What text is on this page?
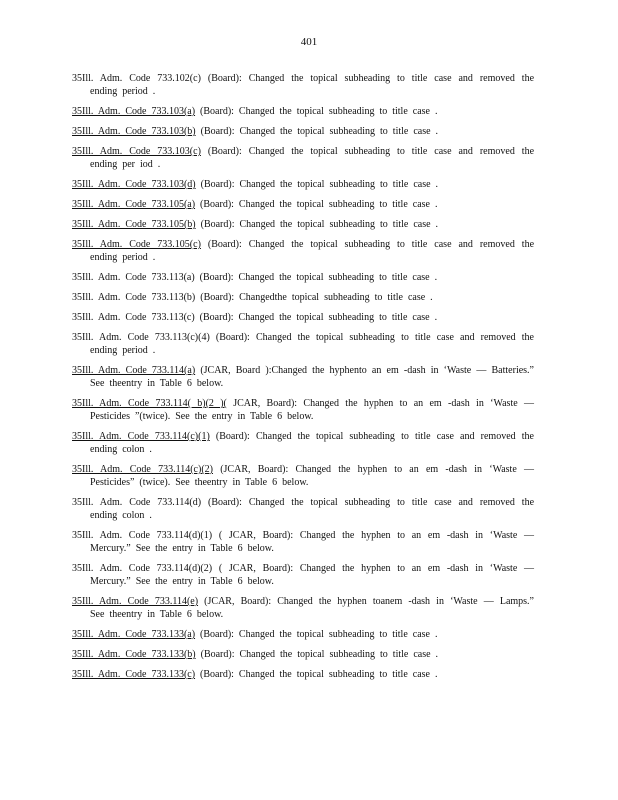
401
35Ill. Adm. Code 733.102(c) (Board): Changed the topical subheading to title case and removed the ending period .
35Ill. Adm. Code 733.103(a) (Board): Changed the topical subheading to title case .
35Ill. Adm. Code 733.103(b) (Board): Changed the topical subheading to title case .
35Ill. Adm. Code 733.103(c) (Board): Changed the topical subheading to title case and removed the ending per iod .
35Ill. Adm. Code 733.103(d) (Board): Changed the topical subheading to title case .
35Ill. Adm. Code 733.105(a) (Board): Changed the topical subheading to title case .
35Ill. Adm. Code 733.105(b) (Board): Changed the topical subheading to title case .
35Ill. Adm. Code 733.105(c) (Board): Changed the topical subheading to title case and removed the ending period .
35Ill. Adm. Code 733.113(a) (Board): Changed the topical subheading to title case .
35Ill. Adm. Code 733.113(b) (Board): Changedthe topical subheading to title case .
35Ill. Adm. Code 733.113(c) (Board): Changed the topical subheading to title case .
35Ill. Adm. Code 733.113(c)(4) (Board): Changed the topical subheading to title case and removed the ending period .
35Ill. Adm. Code 733.114(a) (JCAR, Board ):Changed the hyphento an em -dash in ‘Waste — Batteries.” See theentry in Table 6 below.
35Ill. Adm. Code 733.114( b)(2 )( JCAR, Board): Changed the hyphen to an em -dash in ‘Waste —Pesticides ”(twice). See the entry in Table 6 below.
35Ill. Adm. Code 733.114(c)(1) (Board): Changed the topical subheading to title case and removed the ending colon .
35Ill. Adm. Code 733.114(c)(2) (JCAR, Board): Changed the hyphen to an em -dash in ‘Waste —Pesticides” (twice). See theentry in Table 6 below.
35Ill. Adm. Code 733.114(d) (Board): Changed the topical subheading to title case and removed the ending colon .
35Ill. Adm. Code 733.114(d)(1) ( JCAR, Board): Changed the hyphen to an em -dash in ‘Waste —Mercury.” See the entry in Table 6 below.
35Ill. Adm. Code 733.114(d)(2) ( JCAR, Board): Changed the hyphen to an em -dash in ‘Waste —Mercury.” See the entry in Table 6 below.
35Ill. Adm. Code 733.114(e) (JCAR, Board): Changed the hyphen toanem -dash in ‘Waste — Lamps.” See theentry in Table 6 below.
35Ill. Adm. Code 733.133(a) (Board): Changed the topical subheading to title case .
35Ill. Adm. Code 733.133(b) (Board): Changed the topical subheading to title case .
35Ill. Adm. Code 733.133(c) (Board): Changed the topical subheading to title case .
